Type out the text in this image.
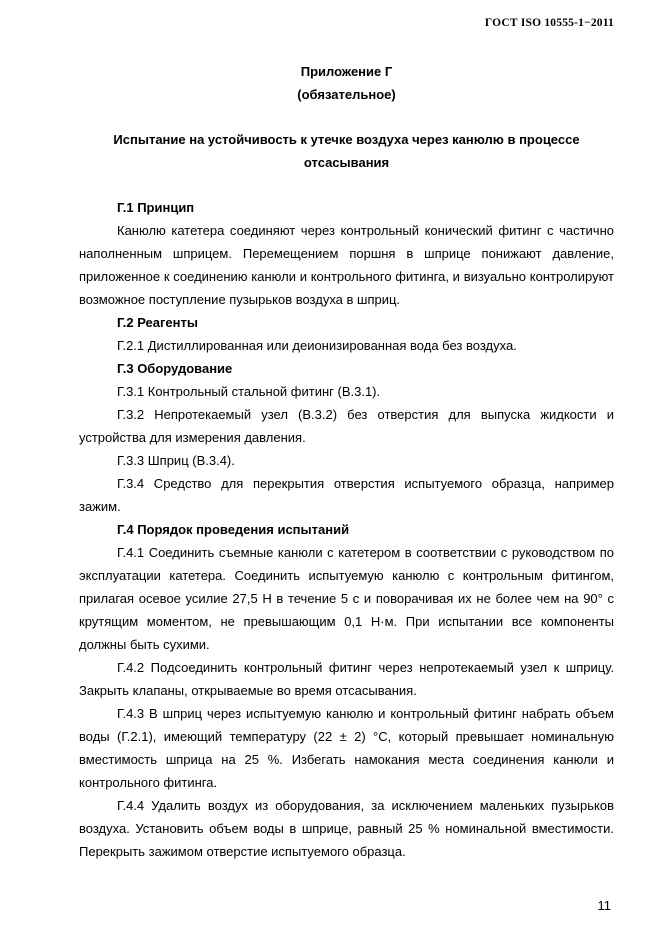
ГОСТ ISO 10555-1−2011
Приложение Г
(обязательное)
Испытание на устойчивость к утечке воздуха через канюлю в процессе
отсасывания
Г.1 Принцип

Канюлю катетера соединяют через контрольный конический фитинг с частично наполненным шприцем. Перемещением поршня в шприце понижают давление, приложенное к соединению канюли и контрольного фитинга, и визуально контролируют возможное поступление пузырьков воздуха в шприц.

Г.2 Реагенты

Г.2.1 Дистиллированная или деионизированная вода без воздуха.

Г.3 Оборудование

Г.3.1 Контрольный стальной фитинг (В.3.1).

Г.3.2 Непротекаемый узел (В.3.2) без отверстия для выпуска жидкости и устройства для измерения давления.

Г.3.3 Шприц (В.3.4).

Г.3.4 Средство для перекрытия отверстия испытуемого образца, например зажим.

Г.4 Порядок проведения испытаний

Г.4.1 Соединить съемные канюли с катетером в соответствии с руководством по эксплуатации катетера. Соединить испытуемую канюлю с контрольным фитингом, прилагая осевое усилие 27,5 Н в течение 5 с и поворачивая их не более чем на 90° с крутящим моментом, не превышающим 0,1 Н·м. При испытании все компоненты должны быть сухими.

Г.4.2 Подсоединить контрольный фитинг через непротекаемый узел к шприцу. Закрыть клапаны, открываемые во время отсасывания.

Г.4.3 В шприц через испытуемую канюлю и контрольный фитинг набрать объем воды (Г.2.1), имеющий температуру (22 ± 2) °С, который превышает номинальную вместимость шприца на 25 %. Избегать намокания места соединения канюли и контрольного фитинга.

Г.4.4 Удалить воздух из оборудования, за исключением маленьких пузырьков воздуха. Установить объем воды в шприце, равный 25 % номинальной вместимости. Перекрыть зажимом отверстие испытуемого образца.

11
